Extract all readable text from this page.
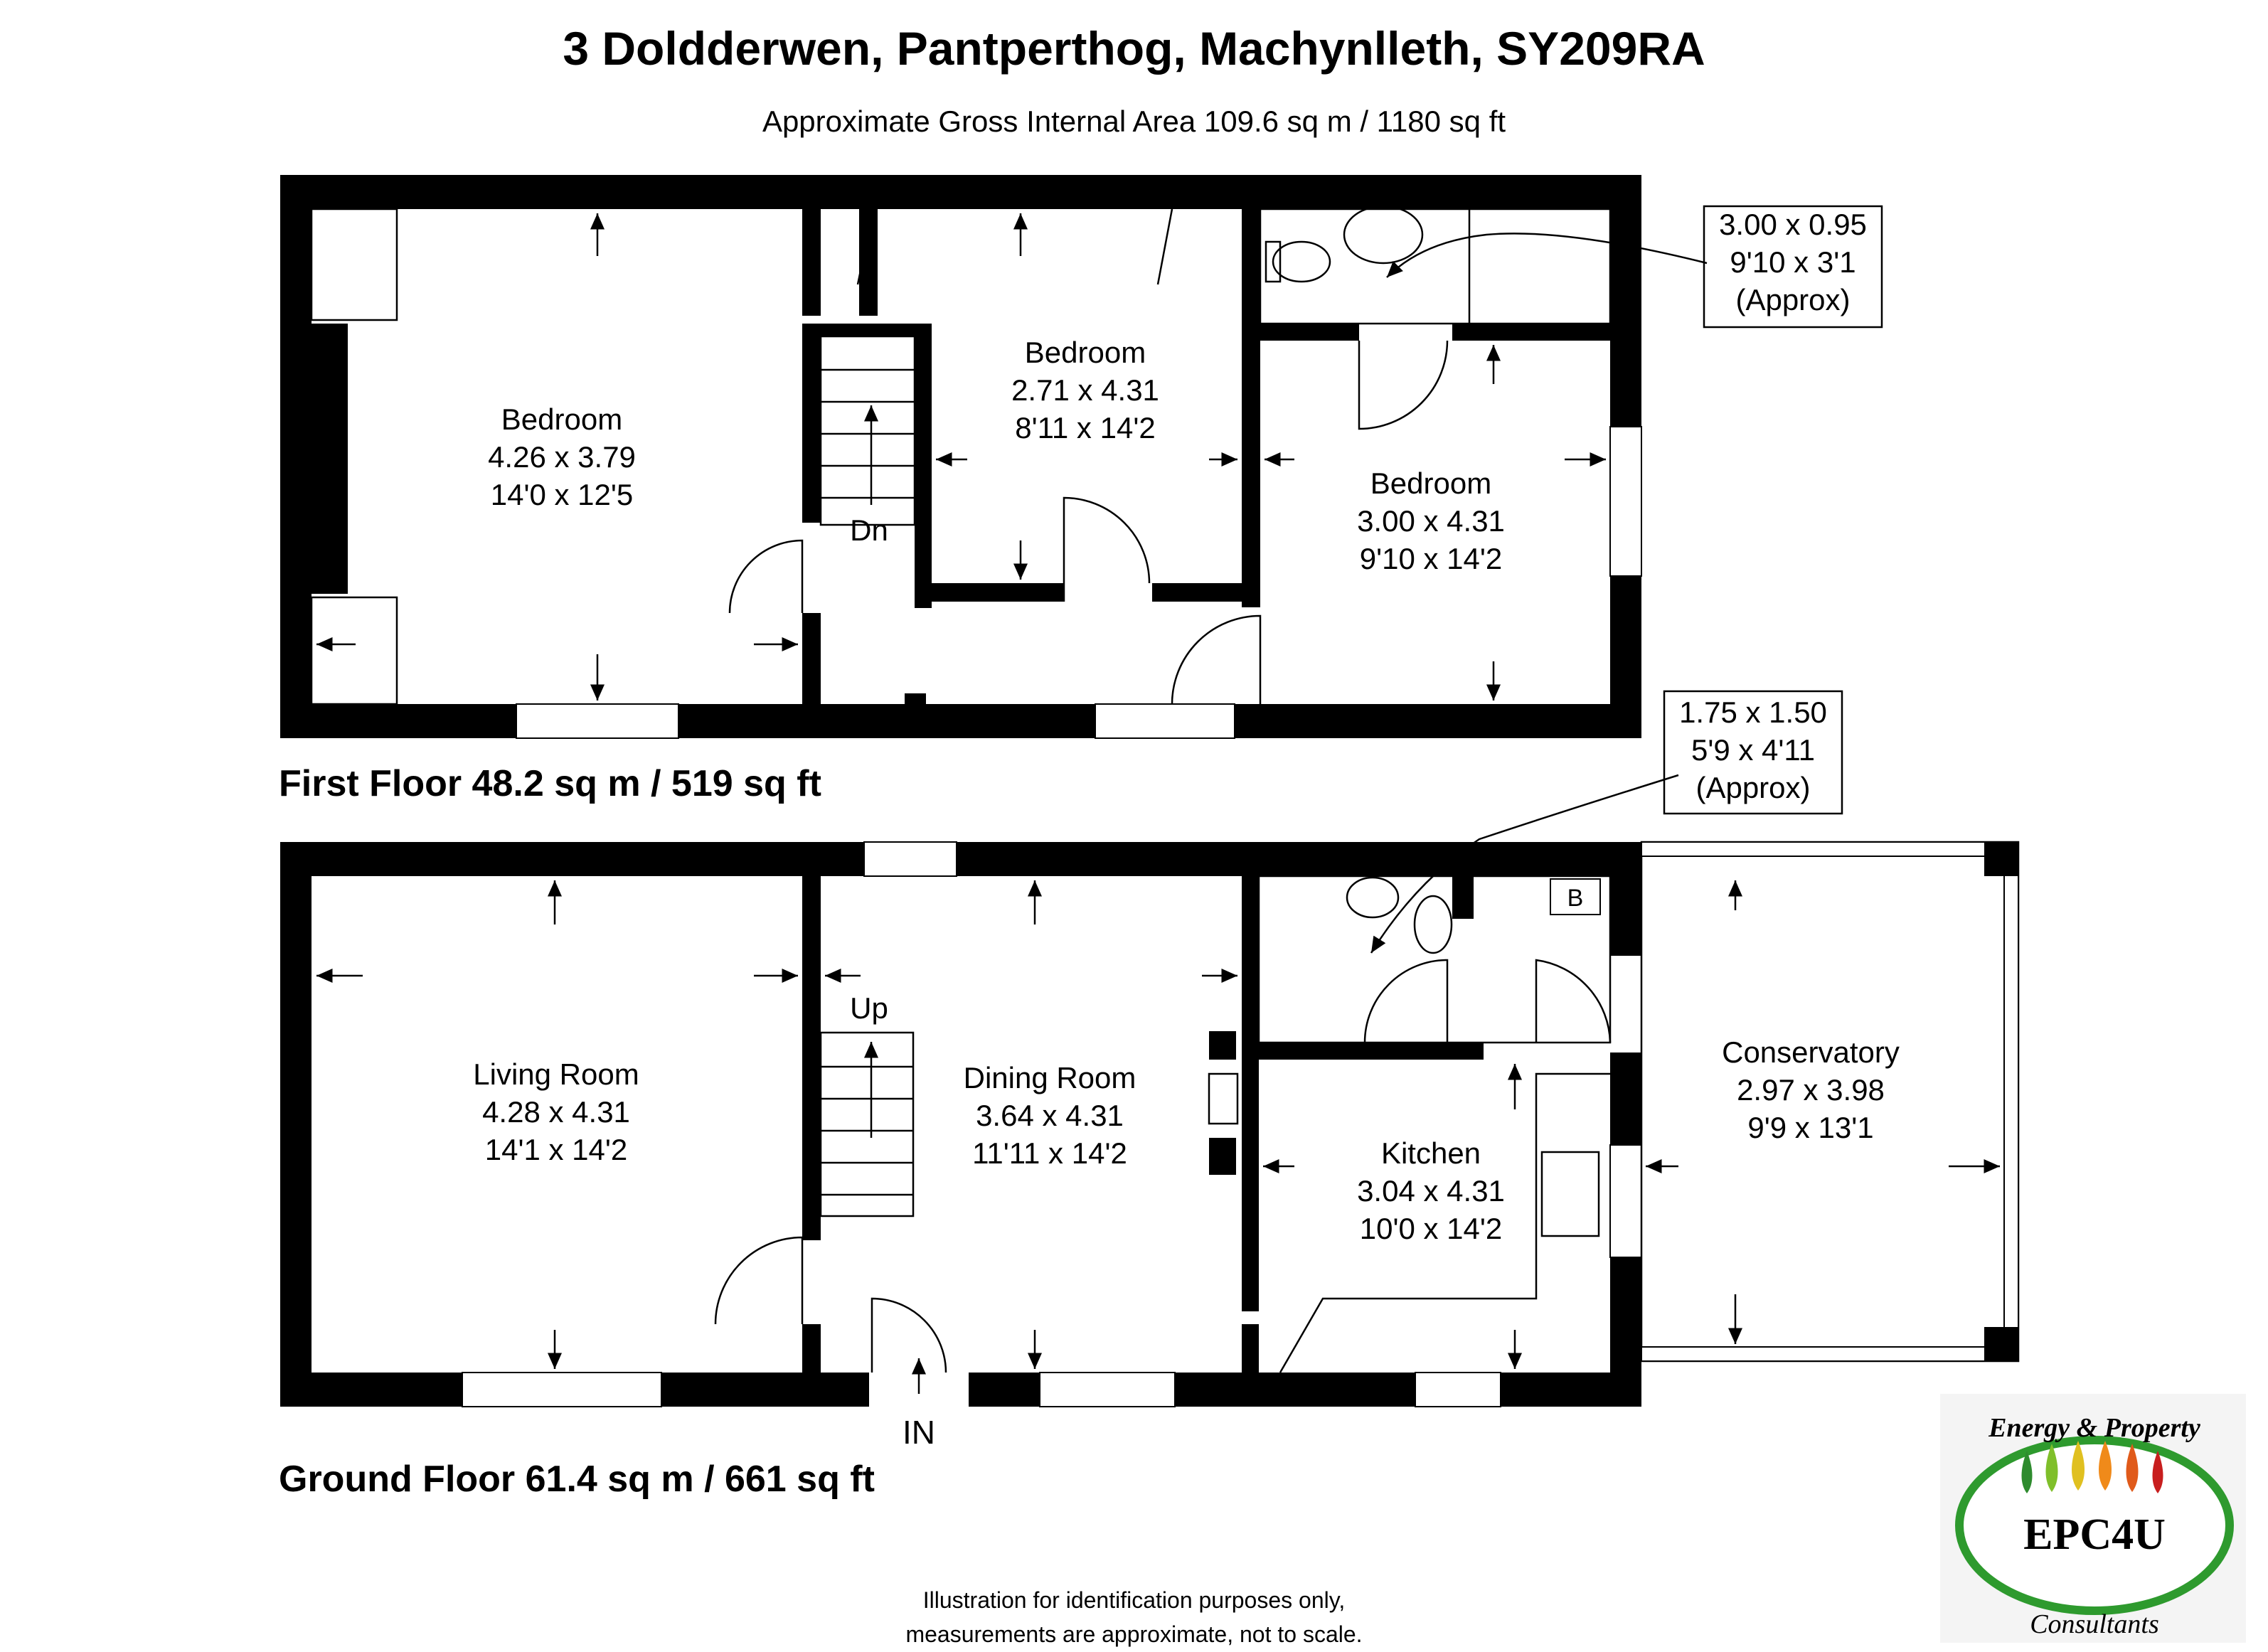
3 Doldderwen, Pantperthog, Machynlleth, SY209RA
Approximate Gross Internal Area 109.6 sq m / 1180 sq ft
Bedroom
4.26 x 3.79
14'0 x 12'5
Bedroom
2.71 x 4.31
8'11 x 14'2
Bedroom
3.00 x 4.31
9'10 x 14'2
Dn
3.00 x 0.95
9'10 x 3'1
(Approx)
Living Room
4.28 x 4.31
14'1 x 14'2
Dining Room
3.64 x 4.31
11'11 x 14'2	Kitchen
3.04 x 4.31
10'0 x 14'2
Conservatory
2.97 x 3.98
9'9 x 13'1
Up
IN
B
1.75 x 1.50
5'9 x 4'11
(Approx)
Energy & Property
EPC4U
Consultants
First Floor 48.2 sq m / 519 sq ft
Ground Floor 61.4 sq m / 661 sq ft
Illustration for identification purposes only,
measurements are approximate, not to scale.
